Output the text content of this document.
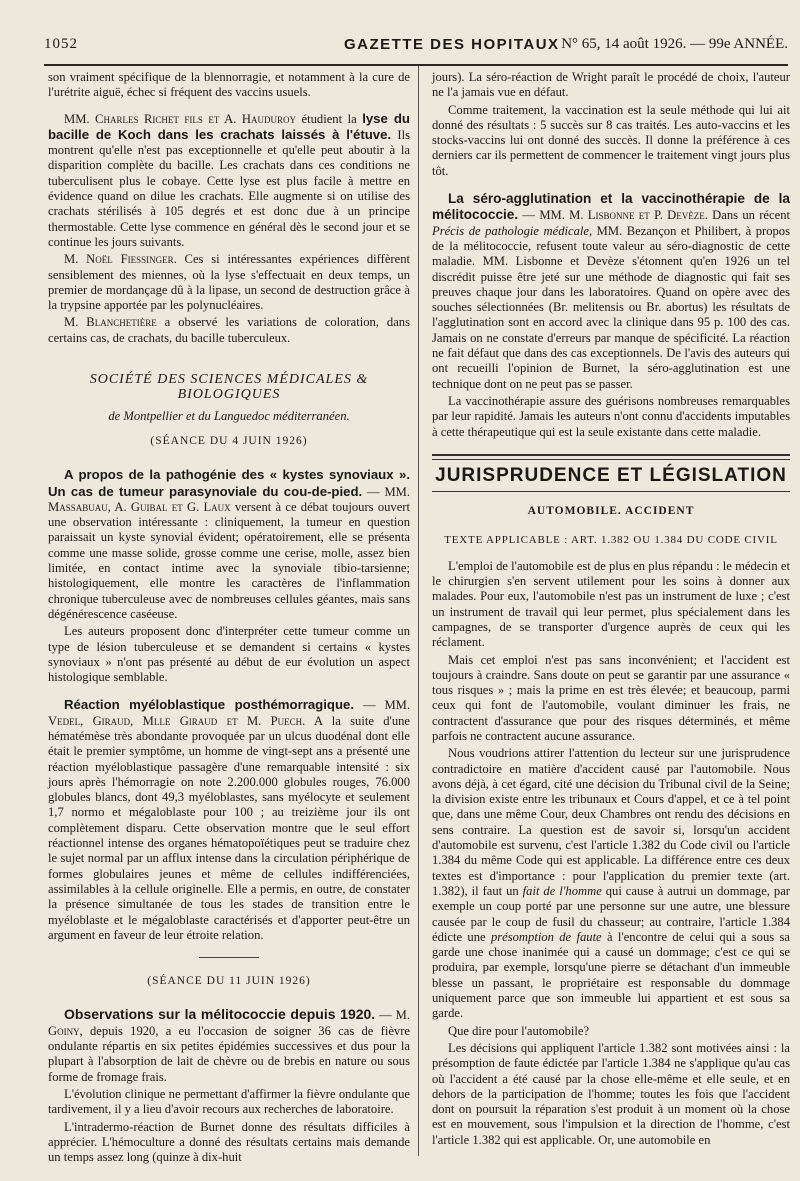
1052	GAZETTE DES HOPITAUX N° 65, 14 août 1926. — 99e ANNÉE.

son vraiment spécifique de la blennorragie, et notamment à la cure de l'urétrite aiguë, échec si fréquent des vaccins usuels.

MM. Charles Richet fils et A. Hauduroy étudient la lyse du bacille de Koch dans les crachats laissés à l'étuve. Ils montrent qu'elle n'est pas exceptionnelle et qu'elle peut aboutir à la disparition complète du bacille. Les crachats dans ces conditions ne tuberculisent plus le cobaye. Cette lyse est plus facile à mettre en évidence quand on dilue les crachats. Elle augmente si on utilise des crachats stérilisés à 105 degrés et est donc due à un principe thermostable. Cette lyse commence en général dès le second jour et se continue les jours suivants.

M. Noël Fiessinger. Ces si intéressantes expériences diffèrent sensiblement des miennes, où la lyse s'effectuait en deux temps, un premier de mordançage dû à la lipase, un second de destruction grâce à la trypsine apportée par les polynucléaires.

M. Blanchetière a observé les variations de coloration, dans certains cas, de crachats, du bacille tuberculeux.

SOCIÉTÉ DES SCIENCES MÉDICALES & BIOLOGIQUES
de Montpellier et du Languedoc méditerranéen.
(SÉANCE DU 4 JUIN 1926)

A propos de la pathogénie des « kystes synoviaux ». Un cas de tumeur parasynoviale du cou-de-pied. — MM. Massabuau, A. Guibal et G. Laux versent à ce débat toujours ouvert une observation intéressante : cliniquement, la tumeur en question paraissait un kyste synovial évident; opératoirement, elle se présenta comme une masse solide, grosse comme une cerise, molle, assez bien limitée, en contact intime avec la synoviale tibio-tarsienne; histologiquement, elle montre les caractères de l'inflammation chronique tuberculeuse avec de nombreuses cellules géantes, mais sans dégénérescence caséeuse.

Les auteurs proposent donc d'interpréter cette tumeur comme un type de lésion tuberculeuse et se demandent si certains « kystes synoviaux » n'ont pas présenté au début de eur évolution un aspect histologique semblable.

Réaction myéloblastique posthémorragique. — MM. Vedel, Giraud, Mlle Giraud et M. Puech. A la suite d'une hématémèse très abondante provoquée par un ulcus duodénal dont elle était le premier symptôme, un homme de vingt-sept ans a présenté une réaction myéloblastique passagère d'une remarquable intensité : six jours après l'hémorragie on note 2.200.000 globules rouges, 76.000 globules blancs, dont 49,3 myéloblastes, sans myélocyte et seulement 1,7 normo et mégaloblaste pour 100 ; au treizième jour ils ont complètement disparu. Cette observation montre que le seul effort réactionnel intense des organes hématopoïétiques peut se traduire chez le sujet normal par un afflux intense dans la circulation périphérique de formes globulaires jeunes et même de cellules indifférenciées, assimilables à la cellule originelle. Elle a permis, en outre, de constater la présence simultanée de tous les stades de transition entre le myéloblaste et le mégaloblaste caractérisés et d'apporter peut-être un argument en faveur de leur étroite relation.

(SÉANCE DU 11 JUIN 1926)

Observations sur la mélitococcie depuis 1920. — M. Goiny, depuis 1920, a eu l'occasion de soigner 36 cas de fièvre ondulante répartis en six petites épidémies successives et dus pour la plupart à l'absorption de lait de chèvre ou de brebis en nature ou sous forme de fromage frais.

L'évolution clinique ne permettant d'affirmer la fièvre ondulante que tardivement, il y a lieu d'avoir recours aux recherches de laboratoire.

L'intradermo-réaction de Burnet donne des résultats difficiles à apprécier. L'hémoculture a donné des résultats certains mais demande un temps assez long (quinze à dix-huit

jours). La séro-réaction de Wright paraît le procédé de choix, l'auteur ne l'a jamais vue en défaut.

Comme traitement, la vaccination est la seule méthode qui lui ait donné des résultats : 5 succès sur 8 cas traités. Les auto-vaccins et les stocks-vaccins lui ont donné des succès. Il donne la préférence à ces derniers car ils permettent de commencer le traitement vingt jours plus tôt.

La séro-agglutination et la vaccinothérapie de la mélitococcie. — MM. M. Lisbonne et P. Devèze. Dans un récent Précis de pathologie médicale, MM. Bezançon et Philibert, à propos de la mélitococcie, refusent toute valeur au séro-diagnostic de cette maladie. MM. Lisbonne et Devèze s'étonnent qu'en 1926 un tel discrédit puisse être jeté sur une méthode de diagnostic qui fait ses preuves chaque jour dans les laboratoires. Quand on opère avec des souches sélectionnées (Br. melitensis ou Br. abortus) les résultats de l'agglutination sont en accord avec la clinique dans 95 p. 100 des cas. Jamais on ne constate d'erreurs par manque de spécificité. La réaction ne fait défaut que dans des cas exceptionnels. De l'avis des auteurs qui ont recueilli l'opinion de Burnet, la séro-agglutination est une technique dont on ne peut pas se passer.

La vaccinothérapie assure des guérisons nombreuses remarquables par leur rapidité. Jamais les auteurs n'ont connu d'accidents imputables à cette thérapeutique qui est la seule existante dans cette maladie.

JURISPRUDENCE ET LÉGISLATION
AUTOMOBILE. ACCIDENT
TEXTE APPLICABLE : ART. 1.382 OU 1.384 DU CODE CIVIL

L'emploi de l'automobile est de plus en plus répandu : le médecin et le chirurgien s'en servent utilement pour les soins à donner aux malades. Pour eux, l'automobile n'est pas un instrument de luxe ; c'est un instrument de travail qui leur permet, plus spécialement dans les campagnes, de se transporter d'urgence auprès de ceux qui les réclament.

Mais cet emploi n'est pas sans inconvénient; et l'accident est toujours à craindre. Sans doute on peut se garantir par une assurance « tous risques » ; mais la prime en est très élevée; et beaucoup, parmi ceux qui font de l'automobile, voulant diminuer les frais, ne contractent d'assurance que pour des risques déterminés, et même parfois ne contractent aucune assurance.

Nous voudrions attirer l'attention du lecteur sur une jurisprudence contradictoire en matière d'accident causé par l'automobile. Nous avons déjà, à cet égard, cité une décision du Tribunal civil de la Seine; la division existe entre les tribunaux et Cours d'appel, et ce à tel point que, dans une même Cour, deux Chambres ont rendu des décisions en sens contraire. La question est de savoir si, lorsqu'un accident d'automobile est survenu, c'est l'article 1.382 du Code civil ou l'article 1.384 du même Code qui est applicable. La différence entre ces deux textes est d'importance : pour l'application du premier texte (art. 1.382), il faut un fait de l'homme qui cause à autrui un dommage, par exemple un coup porté par une personne sur une autre, une blessure causée par le coup de fusil du chasseur; au contraire, l'article 1.384 édicte une présomption de faute à l'encontre de celui qui a sous sa garde une chose inanimée qui a causé un dommage; c'est ce qui se produira, par exemple, lorsqu'une pierre se détachant d'un immeuble blesse un passant, le propriétaire est responsable du dommage uniquement parce que son immeuble lui appartient et est sous sa garde.

Que dire pour l'automobile?

Les décisions qui appliquent l'article 1.382 sont motivées ainsi : la présomption de faute édictée par l'article 1.384 ne s'applique qu'au cas où l'accident a été causé par la chose elle-même et elle seule, et en dehors de la participation de l'homme; toutes les fois que l'accident dont on poursuit la réparation s'est produit à un moment où la chose est en mouvement, sous l'impulsion et la direction de l'homme, c'est l'article 1.382 qui est applicable. Or, une automobile en
